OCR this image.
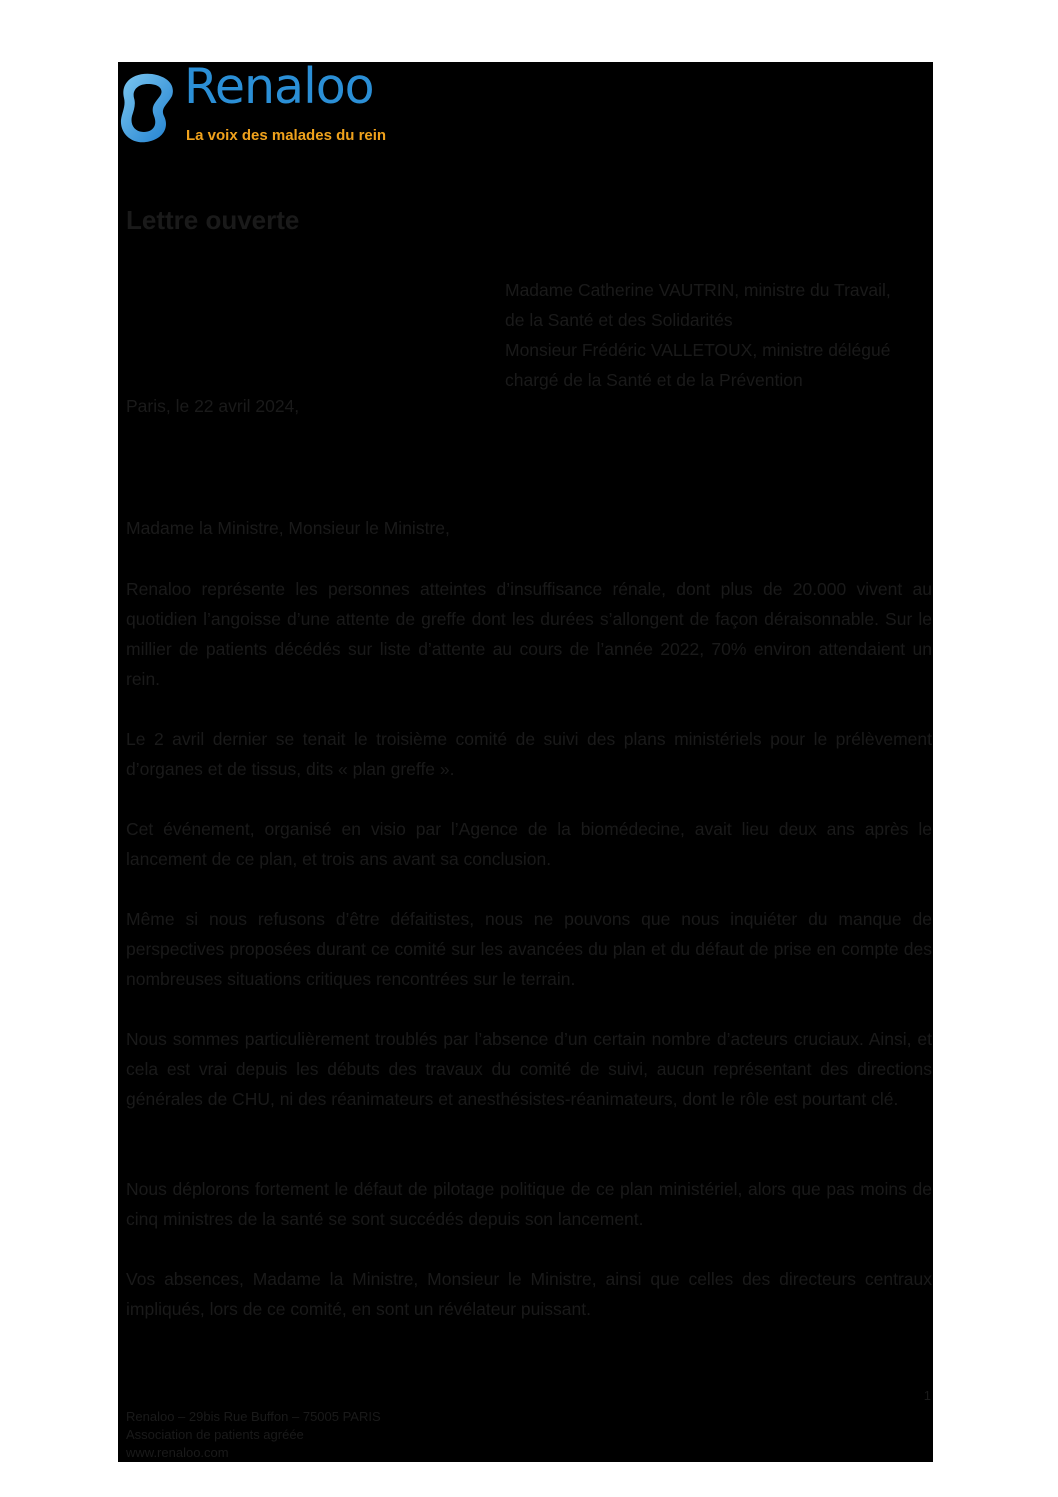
Renaloo
La voix des malades du rein
Lettre ouverte
Madame Catherine VAUTRIN, ministre du Travail,
de la Santé et des Solidarités
Monsieur Frédéric VALLETOUX, ministre délégué
chargé de la Santé et de la Prévention
Paris, le 22 avril 2024,
Madame la Ministre, Monsieur le Ministre,

Renaloo représente les personnes atteintes d’insuffisance rénale, dont plus de 20.000 vivent au quotidien l’angoisse d’une attente de greffe dont les durées s’allongent de façon déraisonnable. Sur le millier de patients décédés sur liste d’attente au cours de l’année 2022, 70% environ attendaient un rein.

Le 2 avril dernier se tenait le troisième comité de suivi des plans ministériels pour le prélèvement d’organes et de tissus, dits « plan greffe ».

Cet événement, organisé en visio par l’Agence de la biomédecine, avait lieu deux ans après le lancement de ce plan, et trois ans avant sa conclusion.

Même si nous refusons d’être défaitistes, nous ne pouvons que nous inquiéter du manque de perspectives proposées durant ce comité sur les avancées du plan et du défaut de prise en compte des nombreuses situations critiques rencontrées sur le terrain.

Nous sommes particulièrement troublés par l’absence d’un certain nombre d’acteurs cruciaux. Ainsi, et cela est vrai depuis les débuts des travaux du comité de suivi, aucun représentant des directions générales de CHU, ni des réanimateurs et anesthésistes-réanimateurs, dont le rôle est pourtant clé.

Nous déplorons fortement le défaut de pilotage politique de ce plan ministériel, alors que pas moins de cinq ministres de la santé se sont succédés depuis son lancement.

Vos absences, Madame la Ministre, Monsieur le Ministre, ainsi que celles des directeurs centraux impliqués, lors de ce comité, en sont un révélateur puissant.

Renaloo – 29bis Rue Buffon – 75005 PARIS
Association de patients agréée
www.renaloo.com
1
